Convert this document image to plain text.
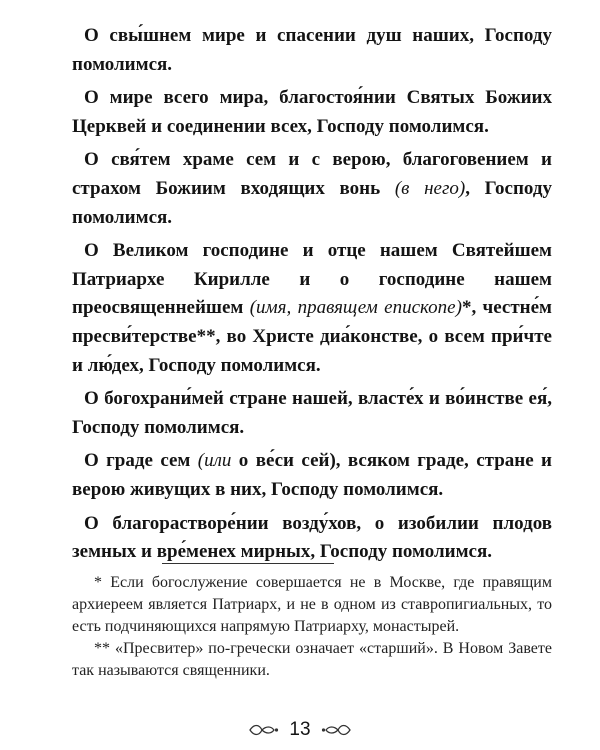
О свы́шнем мире и спасении душ наших, Господу помолимся.

О мире всего мира, благостоя́нии Святых Божиих Церквей и соединении всех, Господу помолимся.

О свя́тем храме сем и с верою, благоговением и страхом Божиим входящих вонь (в него), Господу помолимся.

О Великом господине и отце нашем Святейшем Патриархе Кирилле и о господине нашем преосвященнейшем (имя, правящем епископе)*, честне́м пресви́терстве**, во Христе диа́констве, о всем при́чте и лю́дех, Господу помолимся.

О богохрани́мей стране нашей, власте́х и во́инстве ея́, Господу помолимся.

О граде сем (или о ве́си сей), всяком граде, стране и верою живущих в них, Господу помолимся.

О благорастворе́нии возду́хов, о изобилии плодов земных и вре́менех мирных, Господу помолимся.

* Если богослужение совершается не в Москве, где правящим архиереем является Патриарх, и не в одном из ставропигиальных, то есть подчиняющихся напрямую Патриарху, монастырей.

** «Пресвитер» по-гречески означает «старший». В Новом Завете так называются священники.

13
